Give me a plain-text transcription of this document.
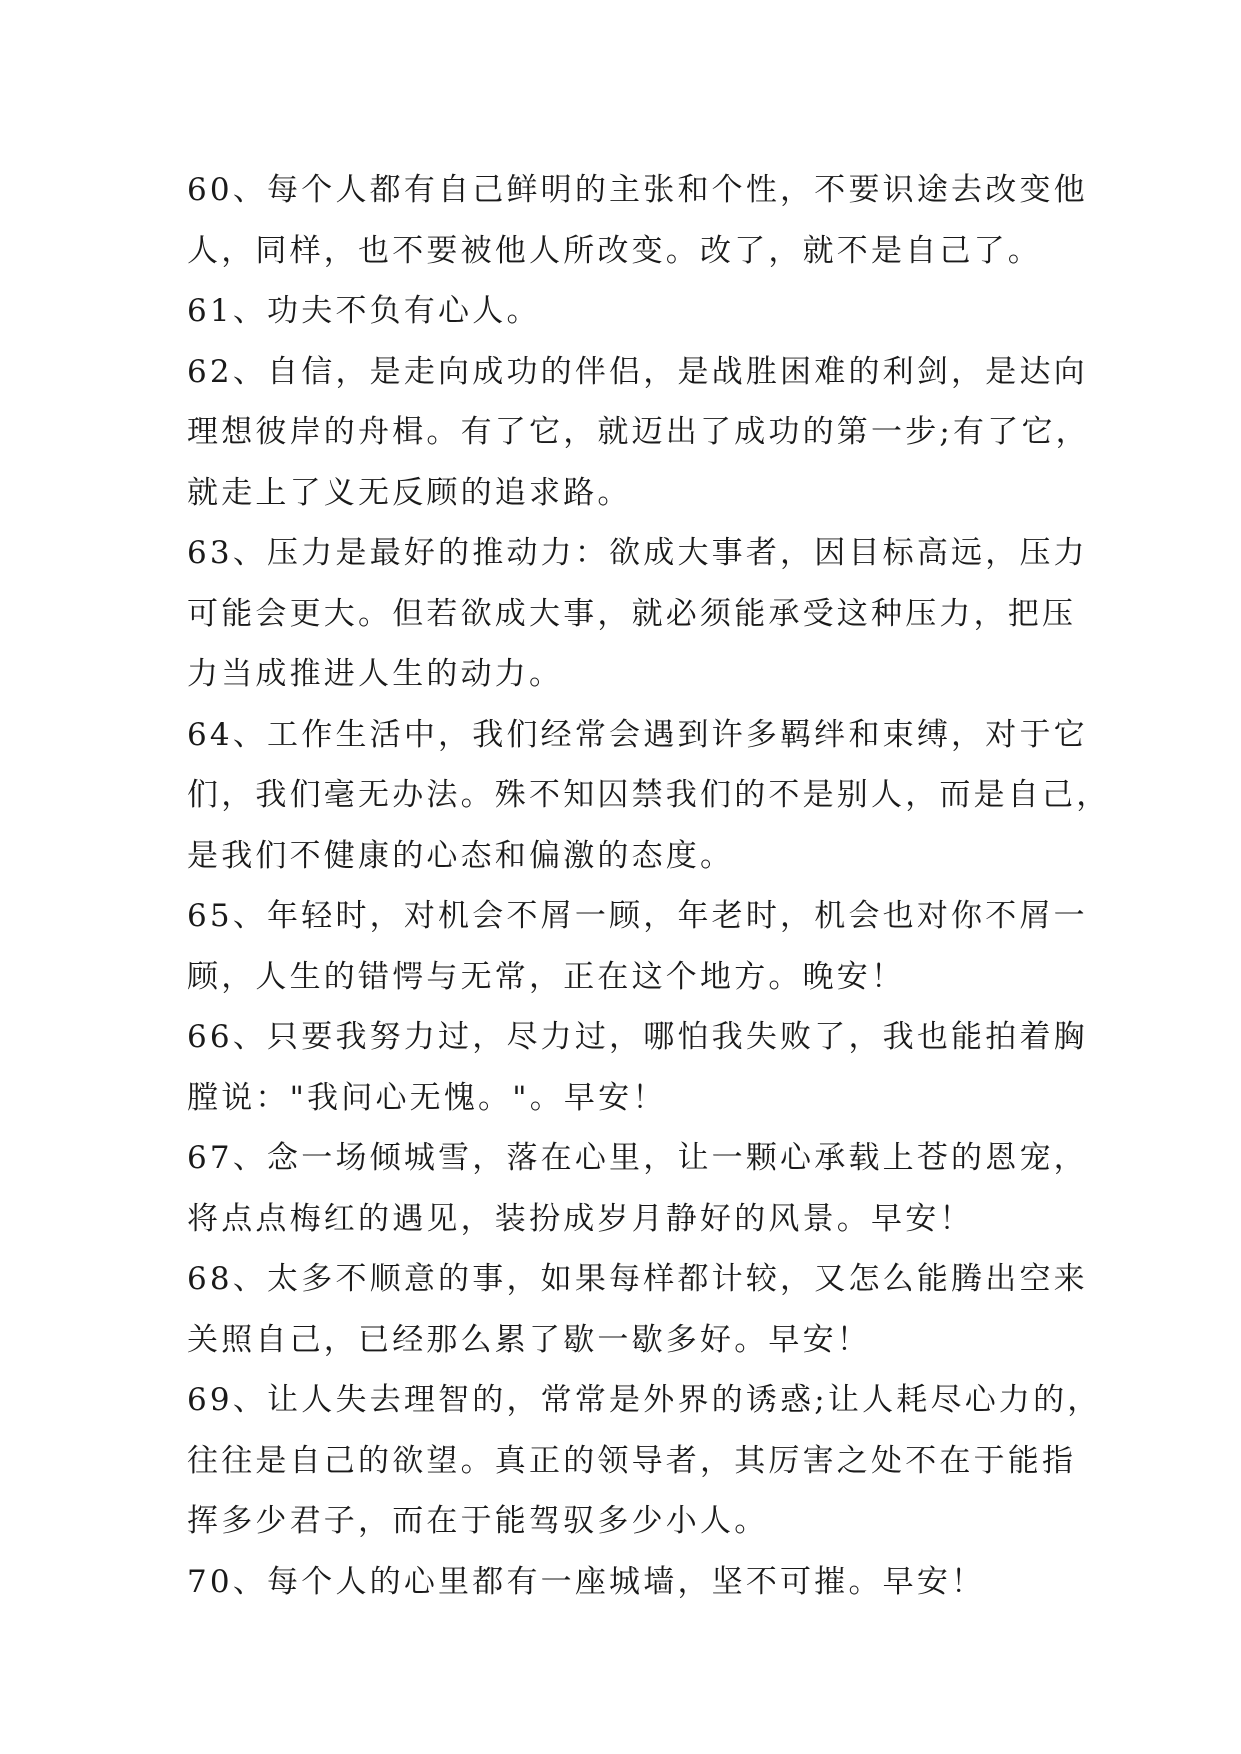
60、每个人都有自己鲜明的主张和个性，不要识途去改变他
人，同样，也不要被他人所改变。改了，就不是自己了。
61、功夫不负有心人。
62、自信，是走向成功的伴侣，是战胜困难的利剑，是达向
理想彼岸的舟楫。有了它，就迈出了成功的第一步;有了它，
就走上了义无反顾的追求路。
63、压力是最好的推动力：欲成大事者，因目标高远，压力
可能会更大。但若欲成大事，就必须能承受这种压力，把压
力当成推进人生的动力。
64、工作生活中，我们经常会遇到许多羁绊和束缚，对于它
们，我们毫无办法。殊不知囚禁我们的不是别人，而是自己，
是我们不健康的心态和偏激的态度。
65、年轻时，对机会不屑一顾，年老时，机会也对你不屑一
顾，人生的错愕与无常，正在这个地方。晚安！
66、只要我努力过，尽力过，哪怕我失败了，我也能拍着胸
膛说："我问心无愧。"。早安！
67、念一场倾城雪，落在心里，让一颗心承载上苍的恩宠，
将点点梅红的遇见，装扮成岁月静好的风景。早安！
68、太多不顺意的事，如果每样都计较，又怎么能腾出空来
关照自己，已经那么累了歇一歇多好。早安！
69、让人失去理智的，常常是外界的诱惑;让人耗尽心力的，
往往是自己的欲望。真正的领导者，其厉害之处不在于能指
挥多少君子，而在于能驾驭多少小人。
70、每个人的心里都有一座城墙，坚不可摧。早安！
